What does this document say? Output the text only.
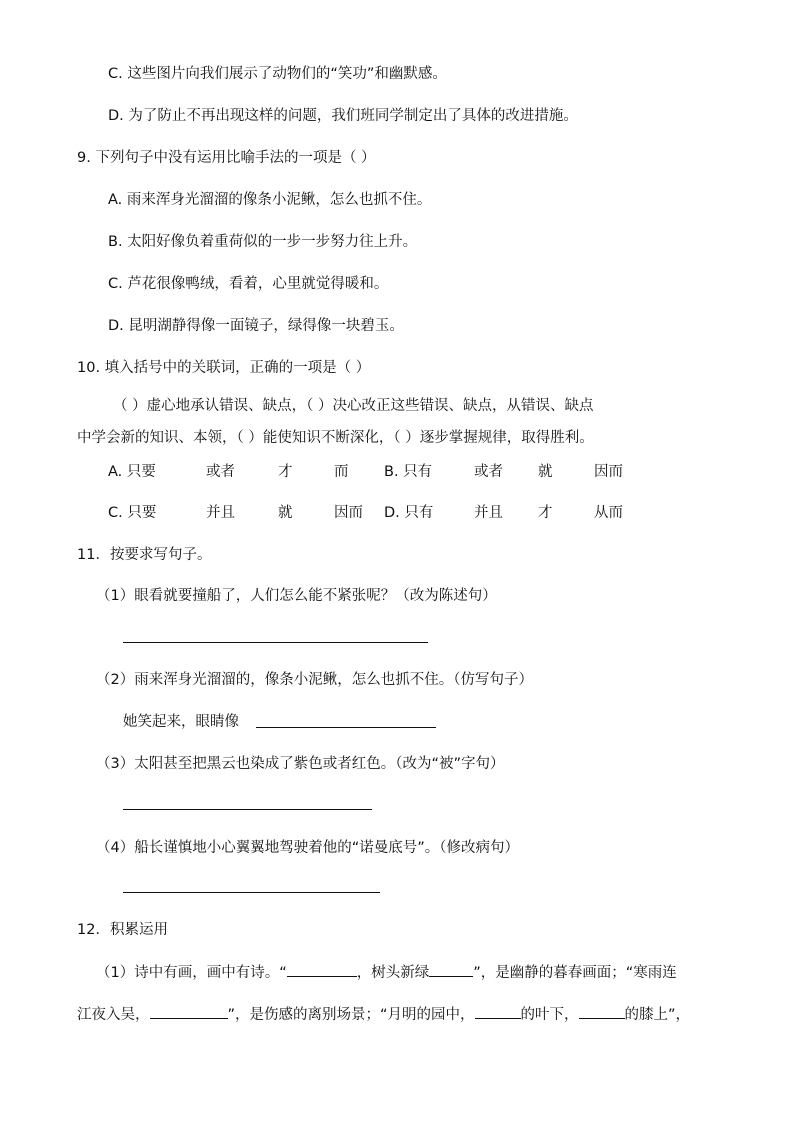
C. 这些图片向我们展示了动物们的“笑功”和幽默感。
D. 为了防止不再出现这样的问题，我们班同学制定出了具体的改进措施。
9. 下列句子中没有运用比喻手法的一项是（ ）
A. 雨来浑身光溜溜的像条小泥鳅，怎么也抓不住。
B. 太阳好像负着重荷似的一步一步努力往上升。
C. 芦花很像鸭绒，看着，心里就觉得暖和。
D. 昆明湖静得像一面镜子，绿得像一块碧玉。
10. 填入括号中的关联词，正确的一项是（ ）
（ ）虚心地承认错误、缺点，（ ）决心改正这些错误、缺点，从错误、缺点
中学会新的知识、本领，（ ）能使知识不断深化，（ ）逐步掌握规律，取得胜利。
A. 只要	或者	才	而 B. 只有	或者 就	因而
C. 只要	并且	就	因而 D. 只有	并且 才	从而
11．按要求写句子。
（1）眼看就要撞船了，人们怎么能不紧张呢？（改为陈述句）
（2）雨来浑身光溜溜的，像条小泥鳅，怎么也抓不住。（仿写句子）
她笑起来，眼睛像
（3）太阳甚至把黑云也染成了紫色或者红色。（改为“被”字句）
（4）船长谨慎地小心翼翼地驾驶着他的“诺曼底号”。（修改病句）
12．积累运用
（1）诗中有画，画中有诗。“	，树头新绿	”，是幽静的暮春画面；“寒雨连
江夜入吴，	”，是伤感的离别场景；“月明的园中，	的叶下，	的膝上”，
